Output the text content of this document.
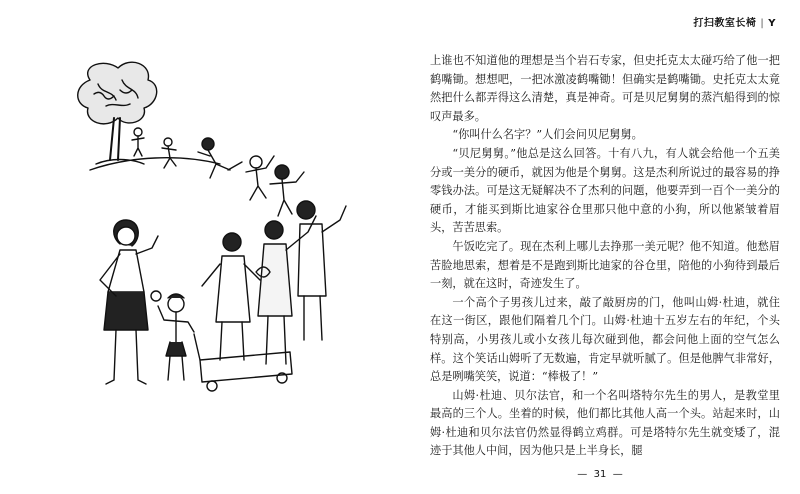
打扫教室长椅 | Y

上谁也不知道他的理想是当个岩石专家，但史托克太太碰巧给了他一把鹤嘴锄。想想吧，一把冰激凌鹤嘴锄！但确实是鹤嘴锄。史托克太太竟然把什么都弄得这么清楚，真是神奇。可是贝尼舅舅的蒸汽船得到的惊叹声最多。

“你叫什么名字？”人们会问贝尼舅舅。

“贝尼舅舅。”他总是这么回答。十有八九，有人就会给他一个五美分或一美分的硬币，就因为他是个舅舅。这是杰利所说过的最容易的挣零钱办法。可是这无疑解决不了杰利的问题，他要弄到一百个一美分的硬币，才能买到斯比迪家谷仓里那只他中意的小狗，所以他紧皱着眉头，苦苦思索。

午饭吃完了。现在杰利上哪儿去挣那一美元呢？他不知道。他愁眉苦脸地思索，想着是不是跑到斯比迪家的谷仓里，陪他的小狗待到最后一刻，就在这时，奇迹发生了。

一个高个子男孩儿过来，敲了敲厨房的门，他叫山姆·杜迪，就住在这一街区，跟他们隔着几个门。山姆·杜迪十五岁左右的年纪，个头特别高，小男孩儿或小女孩儿每次碰到他，都会问他上面的空气怎么样。这个笑话山姆听了无数遍，肯定早就听腻了。但是他脾气非常好，总是咧嘴笑笑，说道：“棒极了！”

山姆·杜迪、贝尔法官，和一个名叫塔特尔先生的男人，是教堂里最高的三个人。坐着的时候，他们都比其他人高一个头。站起来时，山姆·杜迪和贝尔法官仍然显得鹤立鸡群。可是塔特尔先生就变矮了，混迹于其他人中间，因为他只是上半身长，腿

— 31 —
